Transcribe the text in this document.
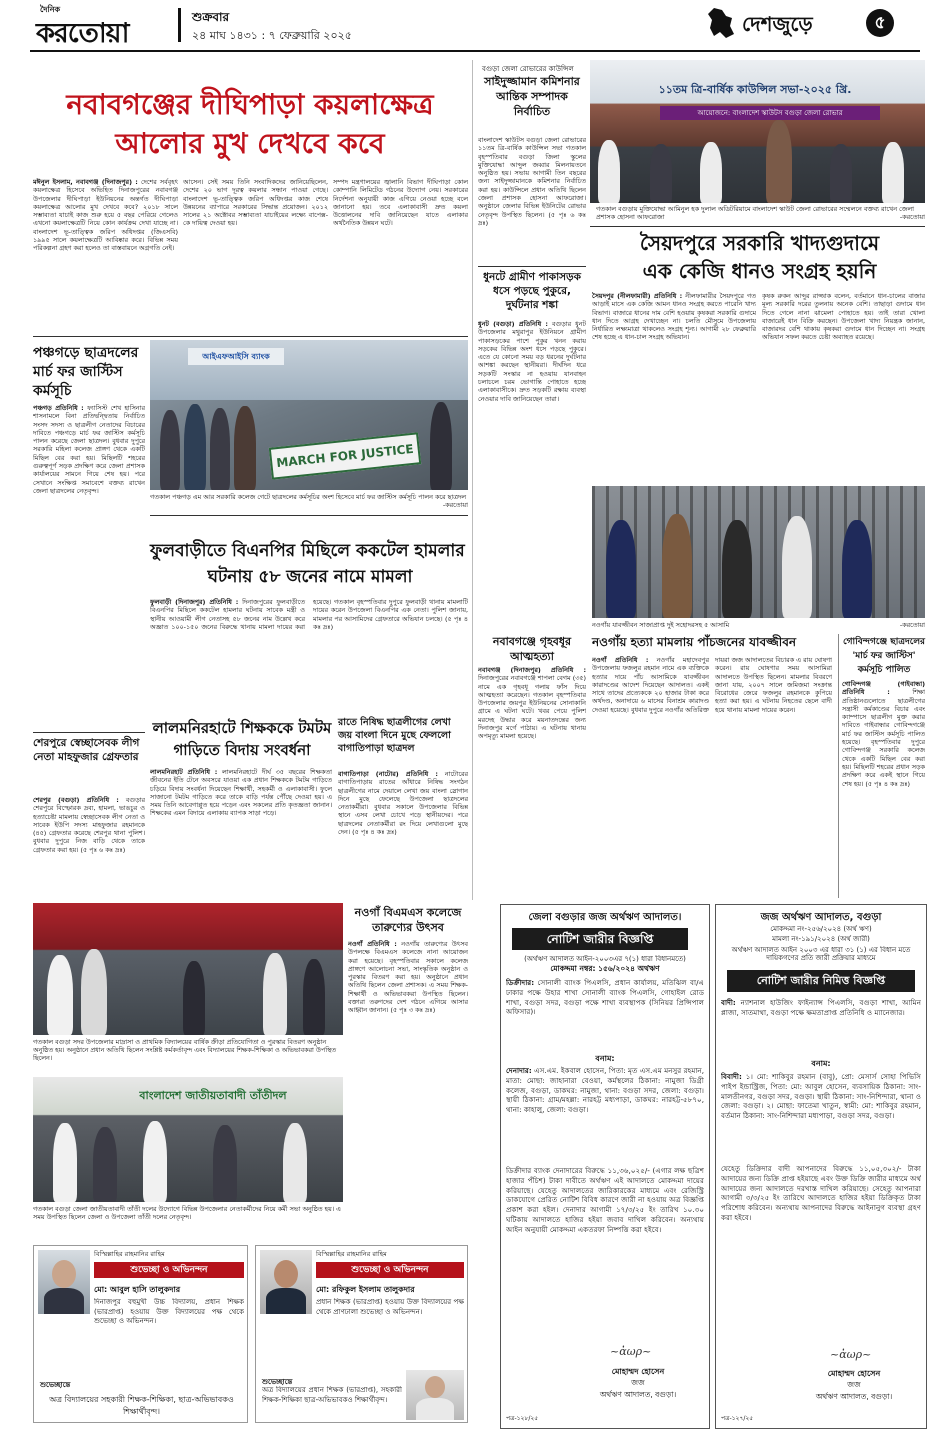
দৈনিক
করতোয়া
শুক্রবার
২৪ মাঘ ১৪৩১ : ৭ ফেব্রুয়ারি ২০২৫	দেশজুড়ে	৫
নবাবগঞ্জের দীঘিপাড়া কয়লাক্ষেত্র
আলোর মুখ দেখবে কবে
মঈনুল ইসলাম, নবাবগঞ্জ (দিনাজপুর) : দেশের সর্ববৃহৎ কয়লাক্ষেত্র হিসেবে অভিহিত দিনাজপুরের নবাবগঞ্জ উপজেলার দীঘিপাড়া ইউনিয়নের অন্তর্গত দীঘিপাড়া কয়লাক্ষেত্র আলোর মুখ দেখবে কবে? ২০১৮ সালে সম্ভাব্যতা যাচাই কাজ শুরু হয়ে ৫ বছর পেরিয়ে গেলেও এখনো কয়লাক্ষেত্রটি নিয়ে কোন কার্যক্রম দেখা যাচ্ছে না। বাংলাদেশ ভূ-তাত্ত্বিক জরিপ অধিদপ্তর (জিএসবি) ১৯৯৫ সালে কয়লাক্ষেত্রটি আবিষ্কার করে। বিভিন্ন সময় পরিকল্পনা গ্রহণ করা হলেও তা বাস্তবায়নে অগ্রগতি নেই।
আসেন। সেই সময় তিনি সংবাদিকদের জানিয়েছিলেন, দেশের ২০ ভাগ দূরত্ব কয়লার সন্ধান পাওয়া গেছে। বাংলাদেশ ভূ-তাত্ত্বিক জরিপ অধিদপ্তর কাজ শেষে উন্নয়নের ব্যাপারে সরকারের সিদ্ধান্ত প্রয়োজন। ২০১২ সালের ২১ অক্টোবর সম্ভাব্যতা যাচাইয়ের লক্ষ্যে বাপেক্স-কে দায়িত্ব দেওয়া হয়।
সম্পদ মন্ত্রণালয়ের জ্বালানি বিভাগ দীঘিপাড়া কোল কোম্পানি লিমিটেড গঠনের উদ্যোগ নেয়। সরকারের নির্দেশনা অনুযায়ী কাজ এগিয়ে নেওয়া হচ্ছে বলে জানানো হয়। তবে এলাকাবাসী দ্রুত কয়লা উত্তোলনের দাবি জানিয়েছেন যাতে এলাকার অর্থনৈতিক উন্নয়ন ঘটে।
পঞ্চগড়ে ছাত্রদলের মার্চ ফর জাস্টিস কর্মসূচি
পঞ্চগড় প্রতিনিধি : ফ্যাসিস্ট শেখ হাসিনার শাসনামলে বিনা প্রতিদ্বন্দ্বিতায় নির্বাচিত সংসদ সদস্য ও ছাত্রলীগ নেতাদের বিচারের দাবিতে পঞ্চগড়ে মার্চ ফর জাস্টিস কর্মসূচি পালন করেছে জেলা ছাত্রদল। বুধবার দুপুরে সরকারি মহিলা কলেজ প্রাঙ্গণ থেকে একটি মিছিল বের করা হয়। মিছিলটি শহরের গুরুত্বপূর্ণ সড়ক প্রদক্ষিণ করে জেলা প্রশাসক কার্যালয়ের সামনে গিয়ে শেষ হয়। পরে সেখানে সংক্ষিপ্ত সমাবেশে বক্তব্য রাখেন জেলা ছাত্রদলের নেতৃবৃন্দ।
আইএফআইসি ব্যাংক
MARCH FOR JUSTICE
গতকাল পঞ্চগড় এম আর সরকারি কলেজ গেটে ছাত্রদলের কর্মসূচির অংশ হিসেবে মার্চ ফর জাস্টিস কর্মসূচি পালন করে ছাত্রদল
-করতোয়া
ফুলবাড়ীতে বিএনপির মিছিলে ককটেল হামলার
ঘটনায় ৫৮ জনের নামে মামলা
ফুলবাড়ী (দিনাজপুর) প্রতিনিধি : দিনাজপুরের ফুলবাড়ীতে বিএনপির মিছিলে ককটেল হামলার ঘটনায় সাবেক মন্ত্রী ও স্থানীয় আওয়ামী লীগ নেতাসহ ৫৮ জনের নাম উল্লেখ করে অজ্ঞাত ১০০-১৫০ জনের বিরুদ্ধে থানায় মামলা দায়ের করা হয়েছে। গতকাল বৃহস্পতিবার দুপুরে ফুলবাড়ী থানায় মামলাটি দায়ের করেন উপজেলা বিএনপির এক নেতা। পুলিশ জানায়, মামলার পর আসামিদের গ্রেফতারে অভিযান চলছে। (৫ পৃঃ ৪ কঃ দ্রঃ)
লালমনিরহাটে শিক্ষককে টমটম
গাড়িতে বিদায় সংবর্ধনা
লালমনিরহাট প্রতিনিধি : লালমনিরহাটে দীর্ঘ ৩৫ বছরের শিক্ষকতা জীবনের ইতি টেনে অবসরে যাওয়া এক প্রধান শিক্ষককে টমটম গাড়িতে চড়িয়ে বিদায় সংবর্ধনা দিয়েছেন শিক্ষার্থী, সহকর্মী ও এলাকাবাসী। ফুলে সাজানো টমটম গাড়িতে করে তাকে বাড়ি পর্যন্ত পৌঁছে দেওয়া হয়। এ সময় তিনি আবেগাপ্লুত হয়ে পড়েন এবং সকলের প্রতি কৃতজ্ঞতা জানান। শিক্ষকের এমন বিদায়ে এলাকায় ব্যাপক সাড়া পড়ে।
রাতে নিষিদ্ধ ছাত্রলীগের লেখা জয় বাংলা দিনে মুছে ফেললো বাগাতিপাড়া ছাত্রদল
বাগাতিপাড়া (নাটোর) প্রতিনিধি : নাটোরের বাগাতিপাড়ায় রাতের আঁধারে নিষিদ্ধ সংগঠন ছাত্রলীগের নামে দেয়ালে লেখা জয় বাংলা স্লোগান দিনে মুছে ফেলেছে উপজেলা ছাত্রদলের নেতাকর্মীরা। বুধবার সকালে উপজেলার বিভিন্ন স্থানে এসব লেখা চোখে পড়ে স্থানীয়দের। পরে ছাত্রদলের নেতাকর্মীরা রং দিয়ে লেখাগুলো মুছে দেন। (৫ পৃঃ ৪ কঃ দ্রঃ)
শেরপুরে স্বেচ্ছাসেবক লীগ নেতা মাহফুজার গ্রেফতার
শেরপুর (বগুড়া) প্রতিনিধি : বগুড়ার শেরপুরে বিস্ফোরক দ্রব্য, হামলা, ভাঙচুর ও হত্যাচেষ্টা মামলায় স্বেচ্ছাসেবক লীগ নেতা ও সাবেক ইউপি সদস্য মাহফুজার রহমানকে (৪৫) গ্রেফতার করেছে শেরপুর থানা পুলিশ। বুধবার দুপুরে নিজ বাড়ি থেকে তাকে গ্রেফতার করা হয়। (৫ পৃঃ ৬ কঃ দ্রঃ)
গতকাল বগুড়া সদর উপজেলার মাদ্রাসা ও প্রাথমিক বিদ্যালয়ের বার্ষিক ক্রীড়া প্রতিযোগিতা ও পুরস্কার বিতরণ অনুষ্ঠান অনুষ্ঠিত হয়। অনুষ্ঠানে প্রধান অতিথি ছিলেন সংশ্লিষ্ট কর্মকর্তাবৃন্দ এবং বিদ্যালয়ের শিক্ষক-শিক্ষিকা ও অভিভাবকরা উপস্থিত ছিলেন।
নওগাঁ বিএমএস কলেজে তারুণ্যের উৎসব
নওগাঁ প্রতিনিধি : নওগাঁয় তারুণ্যের উৎসব উপলক্ষে বিএমএস কলেজে নানা আয়োজন করা হয়েছে। বৃহস্পতিবার সকালে কলেজ প্রাঙ্গণে আলোচনা সভা, সাংস্কৃতিক অনুষ্ঠান ও পুরস্কার বিতরণ করা হয়। অনুষ্ঠানে প্রধান অতিথি ছিলেন জেলা প্রশাসক। এ সময় শিক্ষক-শিক্ষার্থী ও অভিভাবকরা উপস্থিত ছিলেন। বক্তারা তরুণদের দেশ গঠনে এগিয়ে আসার আহ্বান জানান। (৫ পৃঃ ৩ কঃ দ্রঃ)
বাংলাদেশ জাতীয়তাবাদী তাঁতীদল
গতকাল বগুড়া জেলা জাতীয়তাবাদী তাঁতী দলের উদ্যোগে বিভিন্ন উপজেলার নেতাকর্মীদের নিয়ে কর্মী সভা অনুষ্ঠিত হয়। এ সময় উপস্থিত ছিলেন জেলা ও উপজেলা তাঁতী দলের নেতৃবৃন্দ।
বিস্মিল্লাহির রাহমানির রাহিম
শুভেচ্ছা ও অভিনন্দন
মো: আবুল হাসি তালুকদার
দিনাজপুর বহুমুখী উচ্চ বিদ্যালয়, প্রধান শিক্ষক (ভারপ্রাপ্ত) হওয়ায় উক্ত বিদ্যালয়ের পক্ষ থেকে শুভেচ্ছা ও অভিনন্দন।
শুভেচ্ছান্তে
অত্র বিদ্যালয়ের সহকারী শিক্ষক-শিক্ষিকা, ছাত্র-অভিভাবকও শিক্ষার্থীবৃন্দ।
বিস্মিল্লাহির রাহমানির রাহিম
শুভেচ্ছা ও অভিনন্দন
মো: রফিকুল ইসলাম তালুকদার
প্রধান শিক্ষক (ভারপ্রাপ্ত) হওয়ায় উক্ত বিদ্যালয়ের পক্ষ থেকে প্রাণঢালা শুভেচ্ছা ও অভিনন্দন।
শুভেচ্ছান্তে
অত্র বিদ্যালয়ের প্রধান শিক্ষক (ভারপ্রাপ্ত), সহকারী শিক্ষক-শিক্ষিকা ছাত্র-অভিভাবকও শিক্ষার্থীবৃন্দ।
বগুড়া জেলা রোভারের কাউন্সিল
সাইদুজ্জামান কমিশনার আন্তিক সম্পাদক নির্বাচিত
বাংলাদেশ স্কাউটস বগুড়া জেলা রোভারের ১১তম ত্রি-বার্ষিক কাউন্সিল সভা গতকাল বৃহস্পতিবার বগুড়া জিলা স্কুলের মুক্তিযোদ্ধা আব্দুল জব্বার মিলনায়তনে অনুষ্ঠিত হয়। সভায় আগামী তিন বছরের জন্য সাইদুজ্জামানকে কমিশনার নির্বাচিত করা হয়। কাউন্সিলে প্রধান অতিথি ছিলেন জেলা প্রশাসক হোসনা আফরোজা। অনুষ্ঠানে জেলার বিভিন্ন ইউনিটের রোভার নেতৃবৃন্দ উপস্থিত ছিলেন। (৫ পৃঃ ৬ কঃ দ্রঃ)
১১তম ত্রি-বার্ষিক কাউন্সিল সভা-২০২৫ খ্রি.
আয়োজনে: বাংলাদেশ স্কাউটস বগুড়া জেলা রোভার
গতকাল বগুড়ায় মুক্তিযোদ্ধা আমিনুল হক দুলাল অডিটরিয়ামে বাংলাদেশ স্কাউট জেলা রোভারের সম্মেলনে বক্তব্য রাখেন জেলা প্রশাসক হোসনা আফরোজা	-করতোয়া
ধুনটে গ্রামীণ পাকাসড়ক ধসে পড়ছে পুকুরে, দুর্ঘটনার শঙ্কা
ধুনট (বগুড়া) প্রতিনিধি : বগুড়ার ধুনট উপজেলার মথুরাপুর ইউনিয়নে গ্রামীণ পাকাসড়কের পাশে পুকুর খনন করায় সড়কের বিভিন্ন অংশ ধসে পড়ছে পুকুরে। এতে যে কোনো সময় বড় ধরনের দুর্ঘটনার আশঙ্কা করছেন স্থানীয়রা। দীর্ঘদিন ধরে সড়কটি সংস্কার না হওয়ায় যানবাহন চলাচলে চরম ভোগান্তি পোহাতে হচ্ছে এলাকাবাসীকে। দ্রুত সড়কটি রক্ষায় ব্যবস্থা নেওয়ার দাবি জানিয়েছেন তারা।
সৈয়দপুরে সরকারি খাদ্যগুদামে
এক কেজি ধানও সংগ্রহ হয়নি
সৈয়দপুর (নীলফামারী) প্রতিনিধি : নীলফামারীর সৈয়দপুরে গত আড়াই মাসে এক কেজি আমন ধানও সংগ্রহ করতে পারেনি খাদ্য বিভাগ। বাজারে ধানের দাম বেশি হওয়ায় কৃষকরা সরকারি গুদামে ধান দিতে আগ্রহ দেখাচ্ছেন না। চলতি মৌসুমে উপজেলায় নির্ধারিত লক্ষ্যমাত্রা থাকলেও সংগ্রহ শূন্য। আগামী ২৮ ফেব্রুয়ারি শেষ হচ্ছে এ ধান-চাল সংগ্রহ অভিযান।
কৃষক রুকন আব্দুর রাজ্জাক বলেন, বর্তমানে ধান-চালের বাজার মূল্য সরকারি দরের তুলনায় অনেক বেশি। তাছাড়া গুদামে ধান দিতে গেলে নানা ঝামেলা পোহাতে হয়। তাই তারা খোলা বাজারেই ধান বিক্রি করছেন। উপজেলা খাদ্য নিয়ন্ত্রক জানান, বাজারদর বেশি থাকায় কৃষকরা গুদামে ধান দিচ্ছেন না। সংগ্রহ অভিযান সফল করতে চেষ্টা অব্যাহত রয়েছে।
নওগাঁয় যাবজ্জীবন সাজাপ্রাপ্ত দুই সহোদরসহ ৫ আসামি	-করতোয়া
নবাবগঞ্জে গৃহবধূর আত্মহত্যা
নবাবগঞ্জ (দিনাজপুর) প্রতিনিধি : দিনাজপুরের নবাবগঞ্জে শাপলা বেগম (৩৫) নামে এক গৃহবধূ গলায় ফাঁস দিয়ে আত্মহত্যা করেছেন। গতকাল বৃহস্পতিবার উপজেলার জয়পুর ইউনিয়নের সোনাকানি গ্রামে এ ঘটনা ঘটে। খবর পেয়ে পুলিশ মরদেহ উদ্ধার করে ময়নাতদন্তের জন্য দিনাজপুর মর্গে পাঠায়। এ ঘটনায় থানায় অপমৃত্যু মামলা হয়েছে।
নওগাঁয় হত্যা মামলায় পাঁচজনের যাবজ্জীবন
নওগাঁ প্রতিনিধি : নওগাঁর মহাদেবপুর উপজেলায় ফজলুর রহমান নামে এক ব্যক্তিকে হত্যার দায়ে পাঁচ আসামিকে যাবজ্জীবন কারাদণ্ডের আদেশ দিয়েছেন আদালত। একই সাথে তাদের প্রত্যেককে ২০ হাজার টাকা করে অর্থদণ্ড, অনাদায়ে ৬ মাসের বিনাশ্রম কারাদণ্ড দেওয়া হয়েছে। বুধবার দুপুরে নওগাঁর অতিরিক্ত দায়রা জজ আদালতের বিচারক এ রায় ঘোষণা করেন। রায় ঘোষণার সময় আসামিরা আদালতে উপস্থিত ছিলেন। মামলার বিবরণে জানা যায়, ২০০৭ সালে জমিজমা সংক্রান্ত বিরোধের জেরে ফজলুর রহমানকে কুপিয়ে হত্যা করা হয়। এ ঘটনায় নিহতের ছেলে বাদী হয়ে থানায় মামলা দায়ের করেন।
গোবিন্দগঞ্জে ছাত্রদলের
'মার্চ ফর জাস্টিস'
কর্মসূচি পালিত
গোবিন্দগঞ্জ (গাইবান্ধা) প্রতিনিধি :	শিক্ষা প্রতিষ্ঠানগুলোতে ছাত্রলীগের সন্ত্রাসী কর্মকাণ্ডের বিচার এবং ক্যাম্পাসে ছাত্রলীগ মুক্ত করার দাবিতে গাইবান্ধার গোবিন্দগঞ্জে মার্চ ফর জাস্টিস কর্মসূচি পালিত হয়েছে। বৃহস্পতিবার দুপুরে গোবিন্দগঞ্জ সরকারি কলেজ থেকে একটি মিছিল বের করা হয়। মিছিলটি শহরের প্রধান সড়ক প্রদক্ষিণ করে একই স্থানে গিয়ে শেষ হয়। (৫ পৃঃ ৪ কঃ দ্রঃ)
জেলা বগুড়ার জজ অর্থঋণ আদালত।
নোটিশ জারীর বিজ্ঞপ্তি
(অর্থঋণ আদালত আইন-২০০৩এর ৭(১) ধারা বিধানমতে)
মোকদ্দমা নম্বর: ১৫৬/২০২৪ অর্থঋণ
ডিক্রীদার: সোনালী ব্যাংক পিএলসি, প্রধান কার্যালয়, মতিঝিল বা/এ ঢাকার পক্ষে উহার শাখা সোনালী ব্যাংক পিএলসি, গোহাইল রোড শাখা, বগুড়া সদর, বগুড়া পক্ষে শাখা ব্যবস্থাপক (সিনিয়র প্রিন্সিপাল অফিসার)।
বনাম:
দেনাদার: এস.এম. ইকবাল হোসেন, পিতা: মৃত এস.এম মনসুর রহমান, মাতা: মোছা: জাহানারা বেওয়া, কর্মস্থলের ঠিকানা: নামুজা ডিগ্রী কলেজ, বগুড়া, ডাকঘর: নামুজা, থানা: বগুড়া সদর, জেলা: বগুড়া। স্থায়ী ঠিকানা: গ্রাম/মহল্লা: নারহট্ট মধ্যপাড়া, ডাকঘর: নারহট্ট-৫৮৭০, থানা: কাহালু, জেলা: বগুড়া।
ডিক্রীদার ব্যাংক দেনাদারের বিরুদ্ধে ১১,৩৬,০২৫/- (এগার লক্ষ ছত্রিশ হাজার পঁচিশ) টাকা দাবীতে অর্থঋণ এই আদালতে মোকদ্দমা দায়ের করিয়াছে। যেহেতু আদালতের জারিকারকের মাধ্যমে এবং রেজিস্ট্রি ডাকযোগে প্রেরিত নোটিশ বিবিধ কারণে জারী না হওয়ায় অত্র বিজ্ঞপ্তি প্রকাশ করা হইল। দেনাদার আগামী ১৭/৩/২৫ ইং তারিখ ১০.৩০ ঘটিকায় আদালতে হাজির হইয়া জবাব দাখিল করিবেন। অন্যথায় আইন অনুযায়ী মোকদ্দমা একতরফা নিষ্পত্তি করা হইবে।
~ἀωρ~
মোহাম্মদ হোসেন
জজ
অর্থঋণ আদালত, বগুড়া।
পত্র-১২৮/২৫
জজ অর্থঋণ আদালত, বগুড়া
মোকদ্দমা নং-২৫৬/২০২৪ (অর্থ ঋণ)
মামলা নং-১৯১/২০২৪ (অর্থ জারী)
অর্থঋণ আদালত আইন ২০০৩ এর ধারা ৩১ (১) এর বিধান মতে দায়িকগণের প্রতি জারী প্রক্রিয়ার মাধ্যমে
নোটিশ জারীর নিমিত্ত বিজ্ঞপ্তি
বাদী: ন্যাশনাল হাউজিং ফাইন্যান্স পিএলসি, বগুড়া শাখা, আমিন প্লাজা, সাতমাথা, বগুড়া পক্ষে ক্ষমতাপ্রাপ্ত প্রতিনিধি ও ম্যানেজার।
বনাম:
বিবাদী: ১। মো: শাকিবুর রহমান (বাবু), প্রো: মেসার্স সোহা পিভিসি পাইপ ইন্ডাস্ট্রিজ, পিতা: মো: আবুল হোসেন, ব্যবসায়িক ঠিকানা: সাং-মালতীনগর, বগুড়া সদর, বগুড়া। স্থায়ী ঠিকানা: সাং-নিশিন্দারা, থানা ও জেলা: বগুড়া। ২। মোছা: ফাতেমা খাতুন, স্বামী: মো: শাকিবুর রহমান, বর্তমান ঠিকানা: সাং-নিশিন্দারা মধ্যপাড়া, বগুড়া সদর, বগুড়া।
যেহেতু ডিক্রিদার বাদী আপনাদের বিরুদ্ধে ১১,০৫,৩০২/- টাকা আদায়ের জন্য ডিক্রি প্রাপ্ত হইয়াছে এবং উক্ত ডিক্রি জারীর মাধ্যমে অর্থ আদায়ের জন্য আদালতে দরখাস্ত দাখিল করিয়াছে। সেহেতু আপনারা আগামী ৩/৩/২৫ ইং তারিখে আদালতে হাজির হইয়া ডিক্রিকৃত টাকা পরিশোধ করিবেন। অন্যথায় আপনাদের বিরুদ্ধে আইনানুগ ব্যবস্থা গ্রহণ করা হইবে।
~ἀωρ~
মোহাম্মদ হোসেন
জজ
অর্থঋণ আদালত, বগুড়া।
পত্র-১২৭/২৫
